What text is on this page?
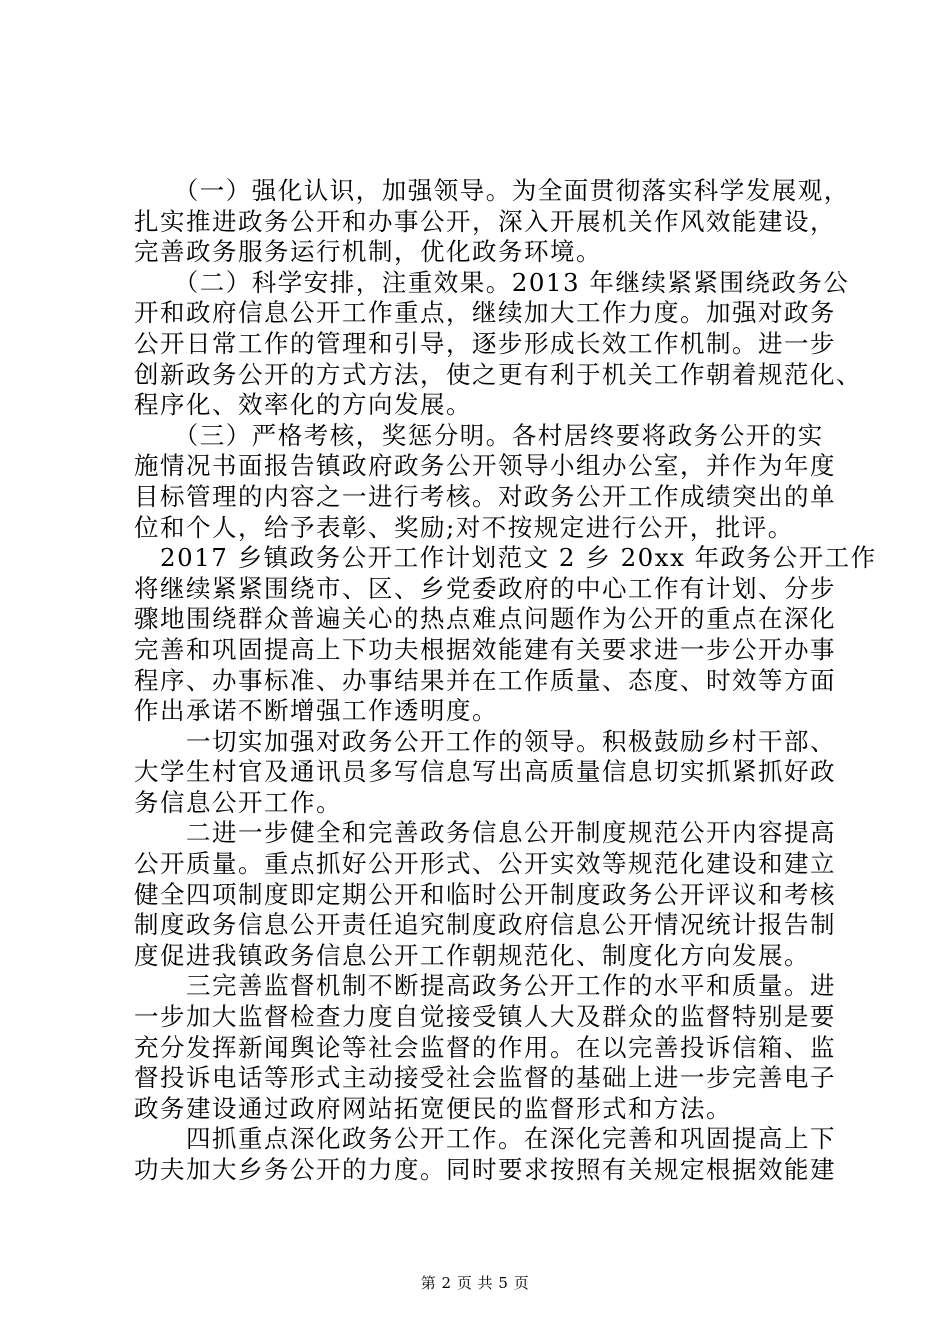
　　（一）强化认识，加强领导。为全面贯彻落实科学发展观，
扎实推进政务公开和办事公开，深入开展机关作风效能建设，
完善政务服务运行机制，优化政务环境。
　　（二）科学安排，注重效果。2013 年继续紧紧围绕政务公
开和政府信息公开工作重点，继续加大工作力度。加强对政务
公开日常工作的管理和引导，逐步形成长效工作机制。进一步
创新政务公开的方式方法，使之更有利于机关工作朝着规范化、
程序化、效率化的方向发展。
　　（三）严格考核，奖惩分明。各村居终要将政务公开的实
施情况书面报告镇政府政务公开领导小组办公室，并作为年度
目标管理的内容之一进行考核。对政务公开工作成绩突出的单
位和个人，给予表彰、奖励;对不按规定进行公开，批评。
　2017 乡镇政务公开工作计划范文 2 乡 20xx 年政务公开工作
将继续紧紧围绕市、区、乡党委政府的中心工作有计划、分步
骤地围绕群众普遍关心的热点难点问题作为公开的重点在深化
完善和巩固提高上下功夫根据效能建有关要求进一步公开办事
程序、办事标准、办事结果并在工作质量、态度、时效等方面
作出承诺不断增强工作透明度。
　　一切实加强对政务公开工作的领导。积极鼓励乡村干部、
大学生村官及通讯员多写信息写出高质量信息切实抓紧抓好政
务信息公开工作。
　　二进一步健全和完善政务信息公开制度规范公开内容提高
公开质量。重点抓好公开形式、公开实效等规范化建设和建立
健全四项制度即定期公开和临时公开制度政务公开评议和考核
制度政务信息公开责任追究制度政府信息公开情况统计报告制
度促进我镇政务信息公开工作朝规范化、制度化方向发展。
　　三完善监督机制不断提高政务公开工作的水平和质量。进
一步加大监督检查力度自觉接受镇人大及群众的监督特别是要
充分发挥新闻舆论等社会监督的作用。在以完善投诉信箱、监
督投诉电话等形式主动接受社会监督的基础上进一步完善电子
政务建设通过政府网站拓宽便民的监督形式和方法。
　　四抓重点深化政务公开工作。在深化完善和巩固提高上下
功夫加大乡务公开的力度。同时要求按照有关规定根据效能建
第 2 页 共 5 页
